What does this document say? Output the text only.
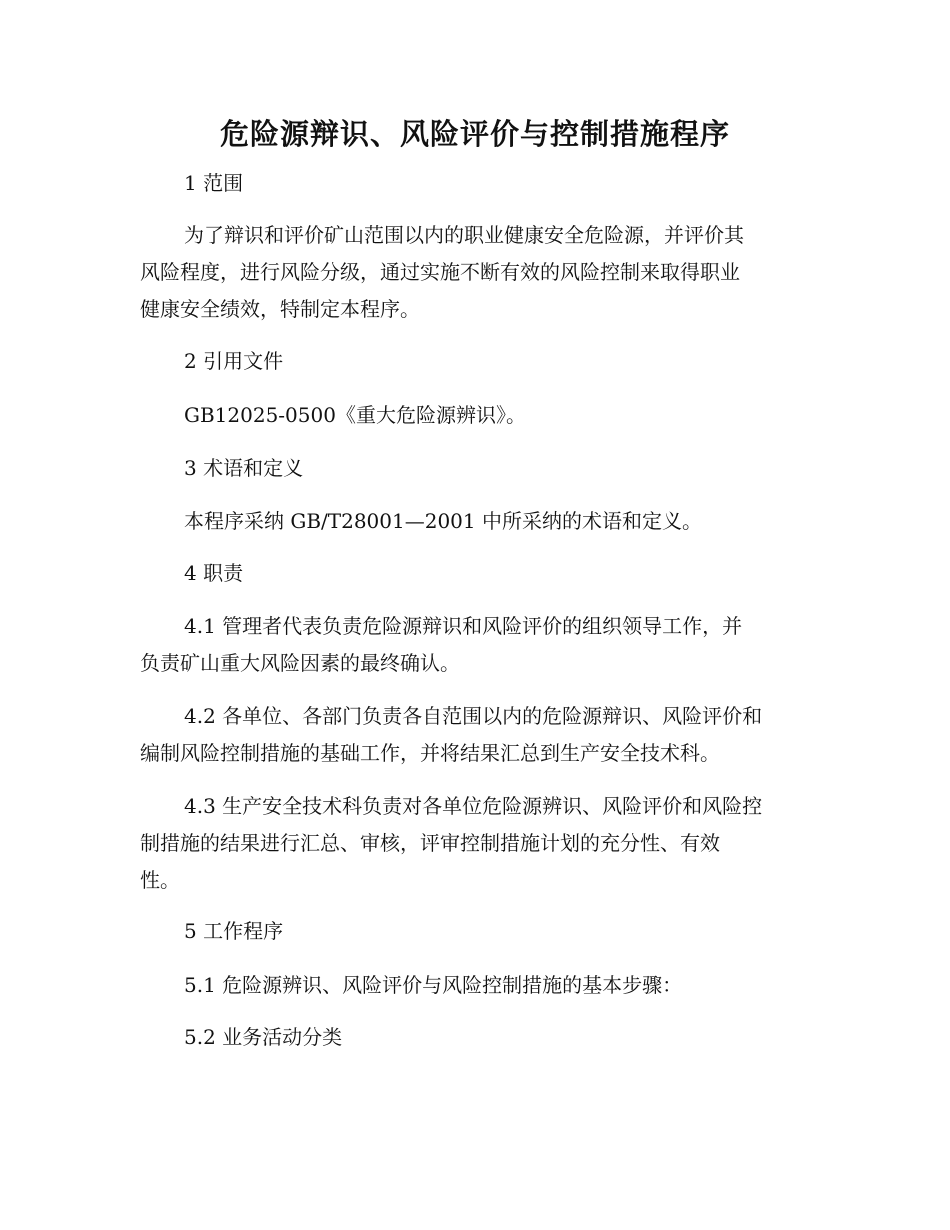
危险源辩识、风险评价与控制措施程序
1 范围
为了辩识和评价矿山范围以内的职业健康安全危险源，并评价其
风险程度，进行风险分级，通过实施不断有效的风险控制来取得职业
健康安全绩效，特制定本程序。
2 引用文件
GB12025-0500《重大危险源辨识》。
3 术语和定义
本程序采纳 GB/T28001—2001 中所采纳的术语和定义。
4 职责
4.1 管理者代表负责危险源辩识和风险评价的组织领导工作，并
负责矿山重大风险因素的最终确认。
4.2 各单位、各部门负责各自范围以内的危险源辩识、风险评价和
编制风险控制措施的基础工作，并将结果汇总到生产安全技术科。
4.3 生产安全技术科负责对各单位危险源辨识、风险评价和风险控
制措施的结果进行汇总、审核，评审控制措施计划的充分性、有效
性。
5 工作程序
5.1 危险源辨识、风险评价与风险控制措施的基本步骤：
5.2 业务活动分类
